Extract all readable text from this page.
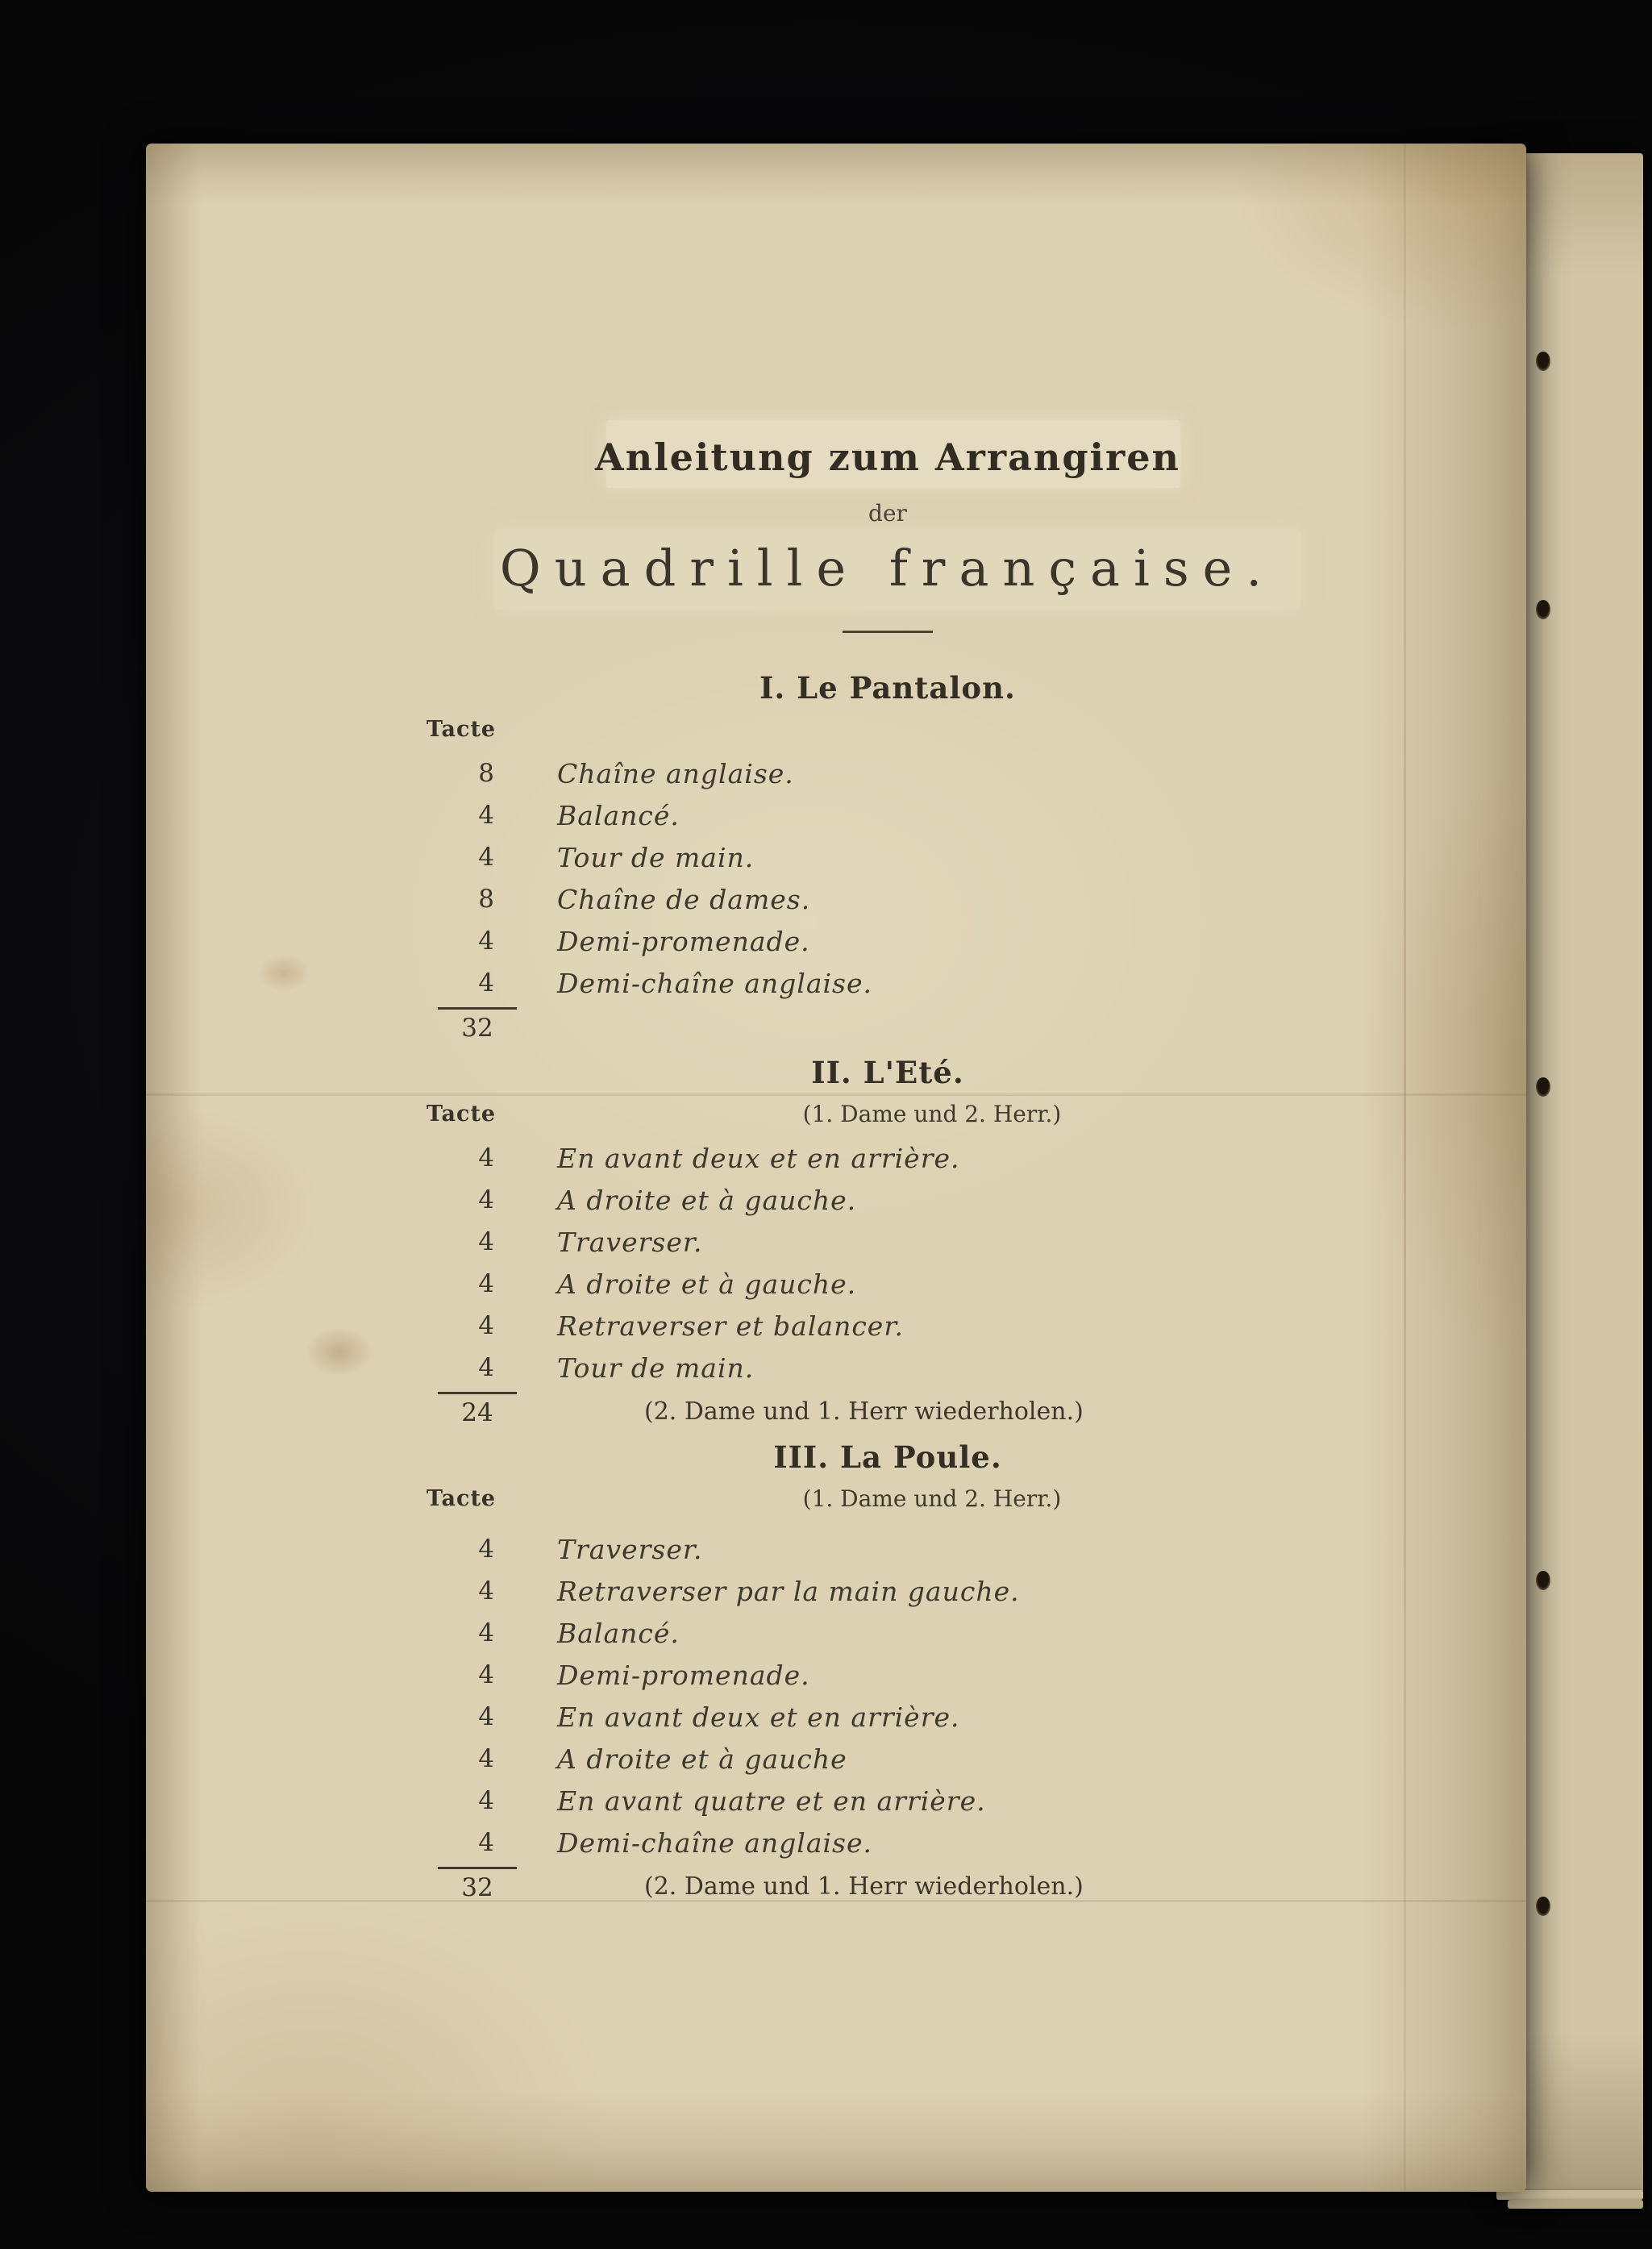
Anleitung zum Arrangiren
der
Quadrille française.
I. Le Pantalon.
Tacte
8 Chaîne anglaise.
4 Balancé.
4 Tour de main.
8 Chaîne de dames.
4 Demi-promenade.
4 Demi-chaîne anglaise.
32
II. L'Eté.
Tacte	(1. Dame und 2. Herr.)
4 En avant deux et en arrière.
4 A droite et à gauche.
4 Traverser.
4 A droite et à gauche.
4 Retraverser et balancer.
4 Tour de main.
24	(2. Dame und 1. Herr wiederholen.)
III. La Poule.
Tacte	(1. Dame und 2. Herr.)
4 Traverser.
4 Retraverser par la main gauche.
4 Balancé.
4 Demi-promenade.
4 En avant deux et en arrière.
4 A droite et à gauche
4 En avant quatre et en arrière.
4 Demi-chaîne anglaise.
32	(2. Dame und 1. Herr wiederholen.)
